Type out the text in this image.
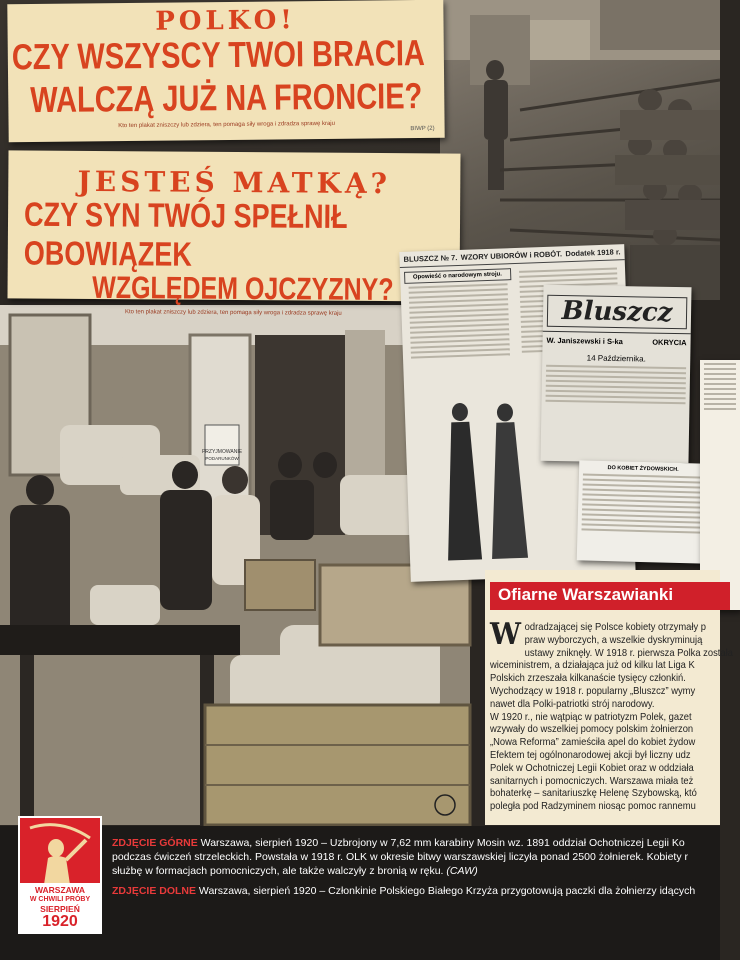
PRZYJMOWANIE
PODARUNKÓW
POLKO!
CZY WSZYSCY TWOI BRACIA
WALCZĄ JUŻ NA FRONCIE?
Kto ten plakat zniszczy lub zdziera, ten pomaga siły wroga i zdradza sprawę kraju	BIWP (2)
JESTEŚ MATKĄ?
CZY SYN TWÓJ SPEŁNIŁ OBOWIĄZEK
WZGLĘDEM OJCZYZNY?
Kto ten plakat zniszczy lub zdziera, ten pomaga siły wroga i zdradza sprawę kraju
BLUSZCZ № 7. WZORY UBIORÓW i ROBÓT. Dodatek 1918 r.
Opowieść o narodowym stroju.
Bluszcz
W. Janiszewski i S-ka	OKRYCIA
14 Października.
DO KOBIET ŻYDOWSKICH.
Ofiarne Warszawianki
W odradzającej się Polsce kobiety otrzymały p
praw wyborczych, a wszelkie dyskryminują
ustawy zniknęły. W 1918 r. pierwsza Polka została
wiceministrem, a działająca już od kilku lat Liga K
Polskich zrzeszała kilkanaście tysięcy członkiń.
Wychodzący w 1918 r. popularny „Bluszcz” wymy
nawet dla Polki-patriotki strój narodowy.
W 1920 r., nie wątpiąc w patriotyzm Polek, gazet
wzywały do wszelkiej pomocy polskim żołnierzon
„Nowa Reforma” zamieściła apel do kobiet żydow
Efektem tej ogólnonarodowej akcji był liczny udz
Polek w Ochotniczej Legii Kobiet oraz w oddziała
sanitarnych i pomocniczych. Warszawa miała też
bohaterkę – sanitariuszkę Helenę Szybowską, któ
poległa pod Radzyminem niosąc pomoc rannemu
WARSZAWA
W CHWILI PRÓBY
SIERPIEŃ
1920

ZDJĘCIE GÓRNE Warszawa, sierpień 1920 – Uzbrojony w 7,62 mm karabiny Mosin wz. 1891 oddział Ochotniczej Legii Ko
podczas ćwiczeń strzeleckich. Powstała w 1918 r. OLK w okresie bitwy warszawskiej liczyła ponad 2500 żołnierek. Kobiety r
służbę w formacjach pomocniczych, ale także walczyły z bronią w ręku. (CAW)

ZDJĘCIE DOLNE Warszawa, sierpień 1920 – Członkinie Polskiego Białego Krzyża przygotowują paczki dla żołnierzy idących
